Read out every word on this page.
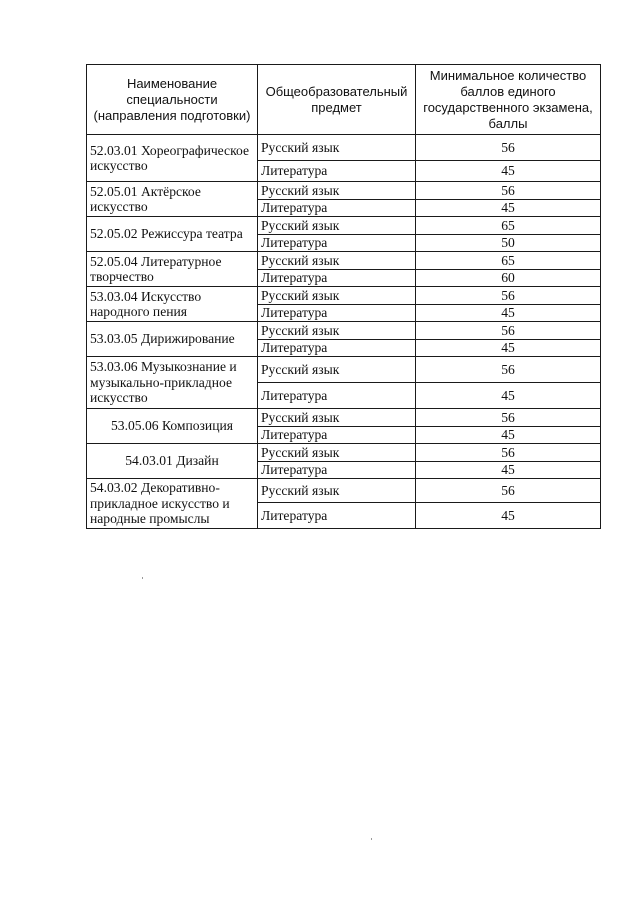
Наименование специальности (направления подготовки)	Общеобразовательный предмет	Минимальное количество баллов единого государственного экзамена, баллы
52.03.01 Хореографическое искусство	Русский язык	56
	Литература	45
52.05.01 Актёрское искусство	Русский язык	56
	Литература	45
52.05.02 Режиссура театра	Русский язык	65
	Литература	50
52.05.04 Литературное творчество	Русский язык	65
	Литература	60
53.03.04 Искусство народного пения	Русский язык	56
	Литература	45
53.03.05 Дирижирование	Русский язык	56
	Литература	45
53.03.06 Музыкознание и музыкально-прикладное искусство	Русский язык	56
	Литература	45
53.05.06 Композиция	Русский язык	56
	Литература	45
54.03.01 Дизайн	Русский язык	56
	Литература	45
54.03.02 Декоративно-прикладное искусство и народные промыслы	Русский язык	56
	Литература	45
